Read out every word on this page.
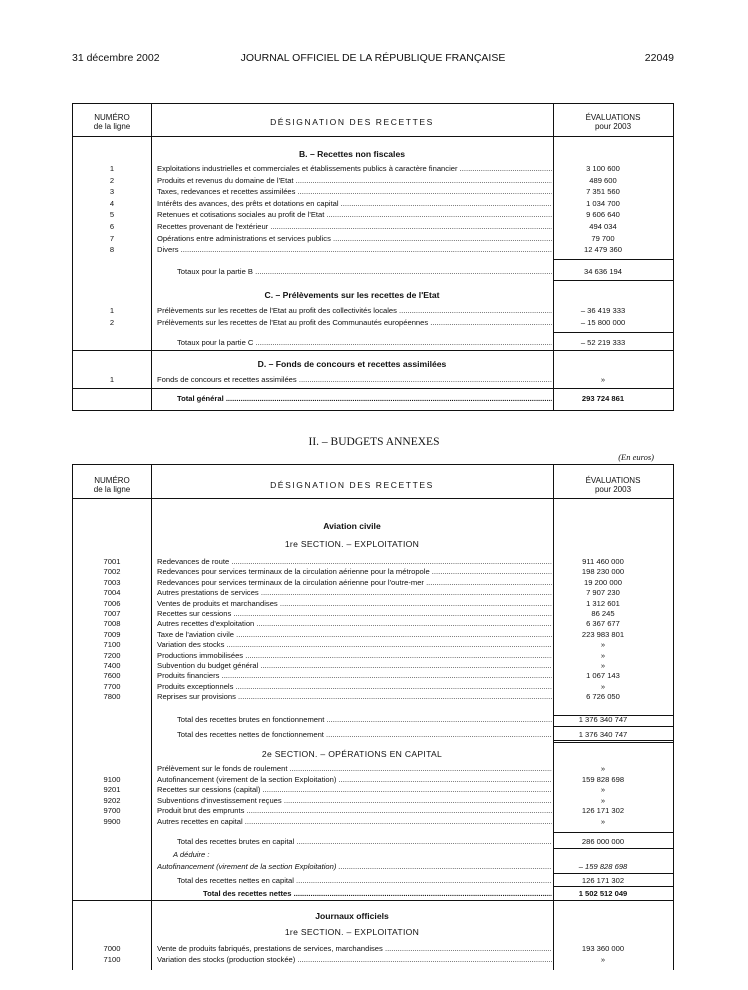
31 décembre 2002	JOURNAL OFFICIEL DE LA RÉPUBLIQUE FRANÇAISE	22049
NUMÉRO
de la ligne	DÉSIGNATION DES RECETTES	ÉVALUATIONS
pour 2003
B. – Recettes non fiscales
1	Exploitations industrielles et commerciales et établissements publics à caractère financier .....	3 100 600
2	Produits et revenus du domaine de l'Etat .....	489 600
3	Taxes, redevances et recettes assimilées .....	7 351 560
4	Intérêts des avances, des prêts et dotations en capital .....	1 034 700
5	Retenues et cotisations sociales au profit de l'Etat .....	9 606 640
6	Recettes provenant de l'extérieur .....	494 034
7	Opérations entre administrations et services publics .....	79 700
8	Divers .....	12 479 360
Totaux pour la partie B .....	34 636 194
C. – Prélèvements sur les recettes de l'Etat
1	Prélèvements sur les recettes de l'Etat au profit des collectivités locales .....	– 36 419 333
2	Prélèvements sur les recettes de l'Etat au profit des Communautés européennes .....	– 15 800 000
Totaux pour la partie C .....	– 52 219 333
D. – Fonds de concours et recettes assimilées
1	Fonds de concours et recettes assimilées .....	»
Total général .....	293 724 861
II. – BUDGETS ANNEXES
(En euros)
NUMÉRO
de la ligne	DÉSIGNATION DES RECETTES	ÉVALUATIONS
pour 2003
Aviation civile
1re SECTION. – EXPLOITATION
7001	Redevances de route .....	911 460 000
7002	Redevances pour services terminaux de la circulation aérienne pour la métropole .....	198 230 000
7003	Redevances pour services terminaux de la circulation aérienne pour l'outre-mer .....	19 200 000
7004	Autres prestations de services .....	7 907 230
7006	Ventes de produits et marchandises .....	1 312 601
7007	Recettes sur cessions .....	86 245
7008	Autres recettes d'exploitation .....	6 367 677
7009	Taxe de l'aviation civile .....	223 983 801
7100	Variation des stocks .....	»
7200	Productions immobilisées .....	»
7400	Subvention du budget général .....	»
7600	Produits financiers .....	1 067 143
7700	Produits exceptionnels .....	»
7800	Reprises sur provisions .....	6 726 050
Total des recettes brutes en fonctionnement .....	1 376 340 747
Total des recettes nettes de fonctionnement .....	1 376 340 747
2e SECTION. – OPÉRATIONS EN CAPITAL
Prélèvement sur le fonds de roulement .....	»
9100	Autofinancement (virement de la section Exploitation) .....	159 828 698
9201	Recettes sur cessions (capital) .....	»
9202	Subventions d'investissement reçues .....	»
9700	Produit brut des emprunts .....	126 171 302
9900	Autres recettes en capital .....	»
Total des recettes brutes en capital .....	286 000 000
A déduire :
Autofinancement (virement de la section Exploitation) .....	– 159 828 698
Total des recettes nettes en capital .....	126 171 302
Total des recettes nettes .....	1 502 512 049
Journaux officiels
1re SECTION. – EXPLOITATION
7000	Vente de produits fabriqués, prestations de services, marchandises .....	193 360 000
7100	Variation des stocks (production stockée) .....	»
